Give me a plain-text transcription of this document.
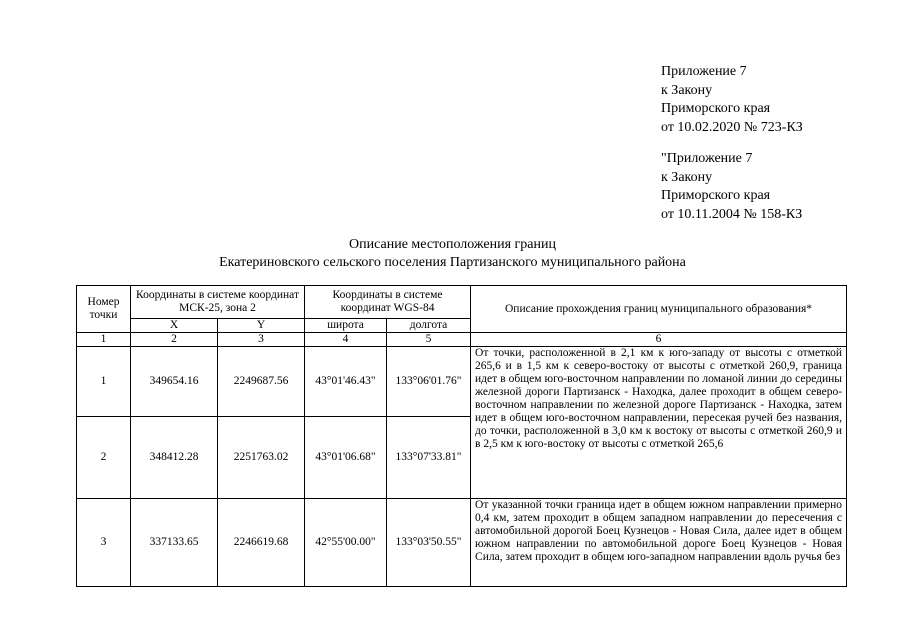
Приложение 7
к Закону
Приморского края
от 10.02.2020 № 723-КЗ
"Приложение 7
к Закону
Приморского края
от 10.11.2004 № 158-КЗ
Описание местоположения границ
Екатериновского сельского поселения Партизанского муниципального района
Номер точки	Координаты в системе координат МСК-25, зона 2		Координаты в системе координат WGS-84		Описание прохождения границ муниципального образования*
	X	Y	широта	долгота	
1	2	3	4	5	6
1	349654.16	2249687.56	43°01'46.43"	133°06'01.76"	От точки, расположенной в 2,1 км к юго-западу от высоты с отметкой 265,6 и в 1,5 км к северо-востоку от высоты с отметкой 260,9, граница идет в общем юго-восточном направлении по ломаной линии до середины железной дороги Партизанск - Находка, далее проходит в общем северо-восточном направлении по железной дороге Партизанск - Находка, затем идет в общем юго-восточном направлении, пересекая ручей без названия, до точки, расположенной в 3,0 км к востоку от высоты с отметкой 260,9 и в 2,5 км к юго-востоку от высоты с отметкой 265,6
2	348412.28	2251763.02	43°01'06.68"	133°07'33.81"	
3	337133.65	2246619.68	42°55'00.00"	133°03'50.55"	От указанной точки граница идет в общем южном направлении примерно 0,4 км, затем проходит в общем западном направлении до пересечения с автомобильной дорогой Боец Кузнецов - Новая Сила, далее идет в общем южном направлении по автомобильной дороге Боец Кузнецов - Новая Сила, затем проходит в общем юго-западном направлении вдоль ручья без
